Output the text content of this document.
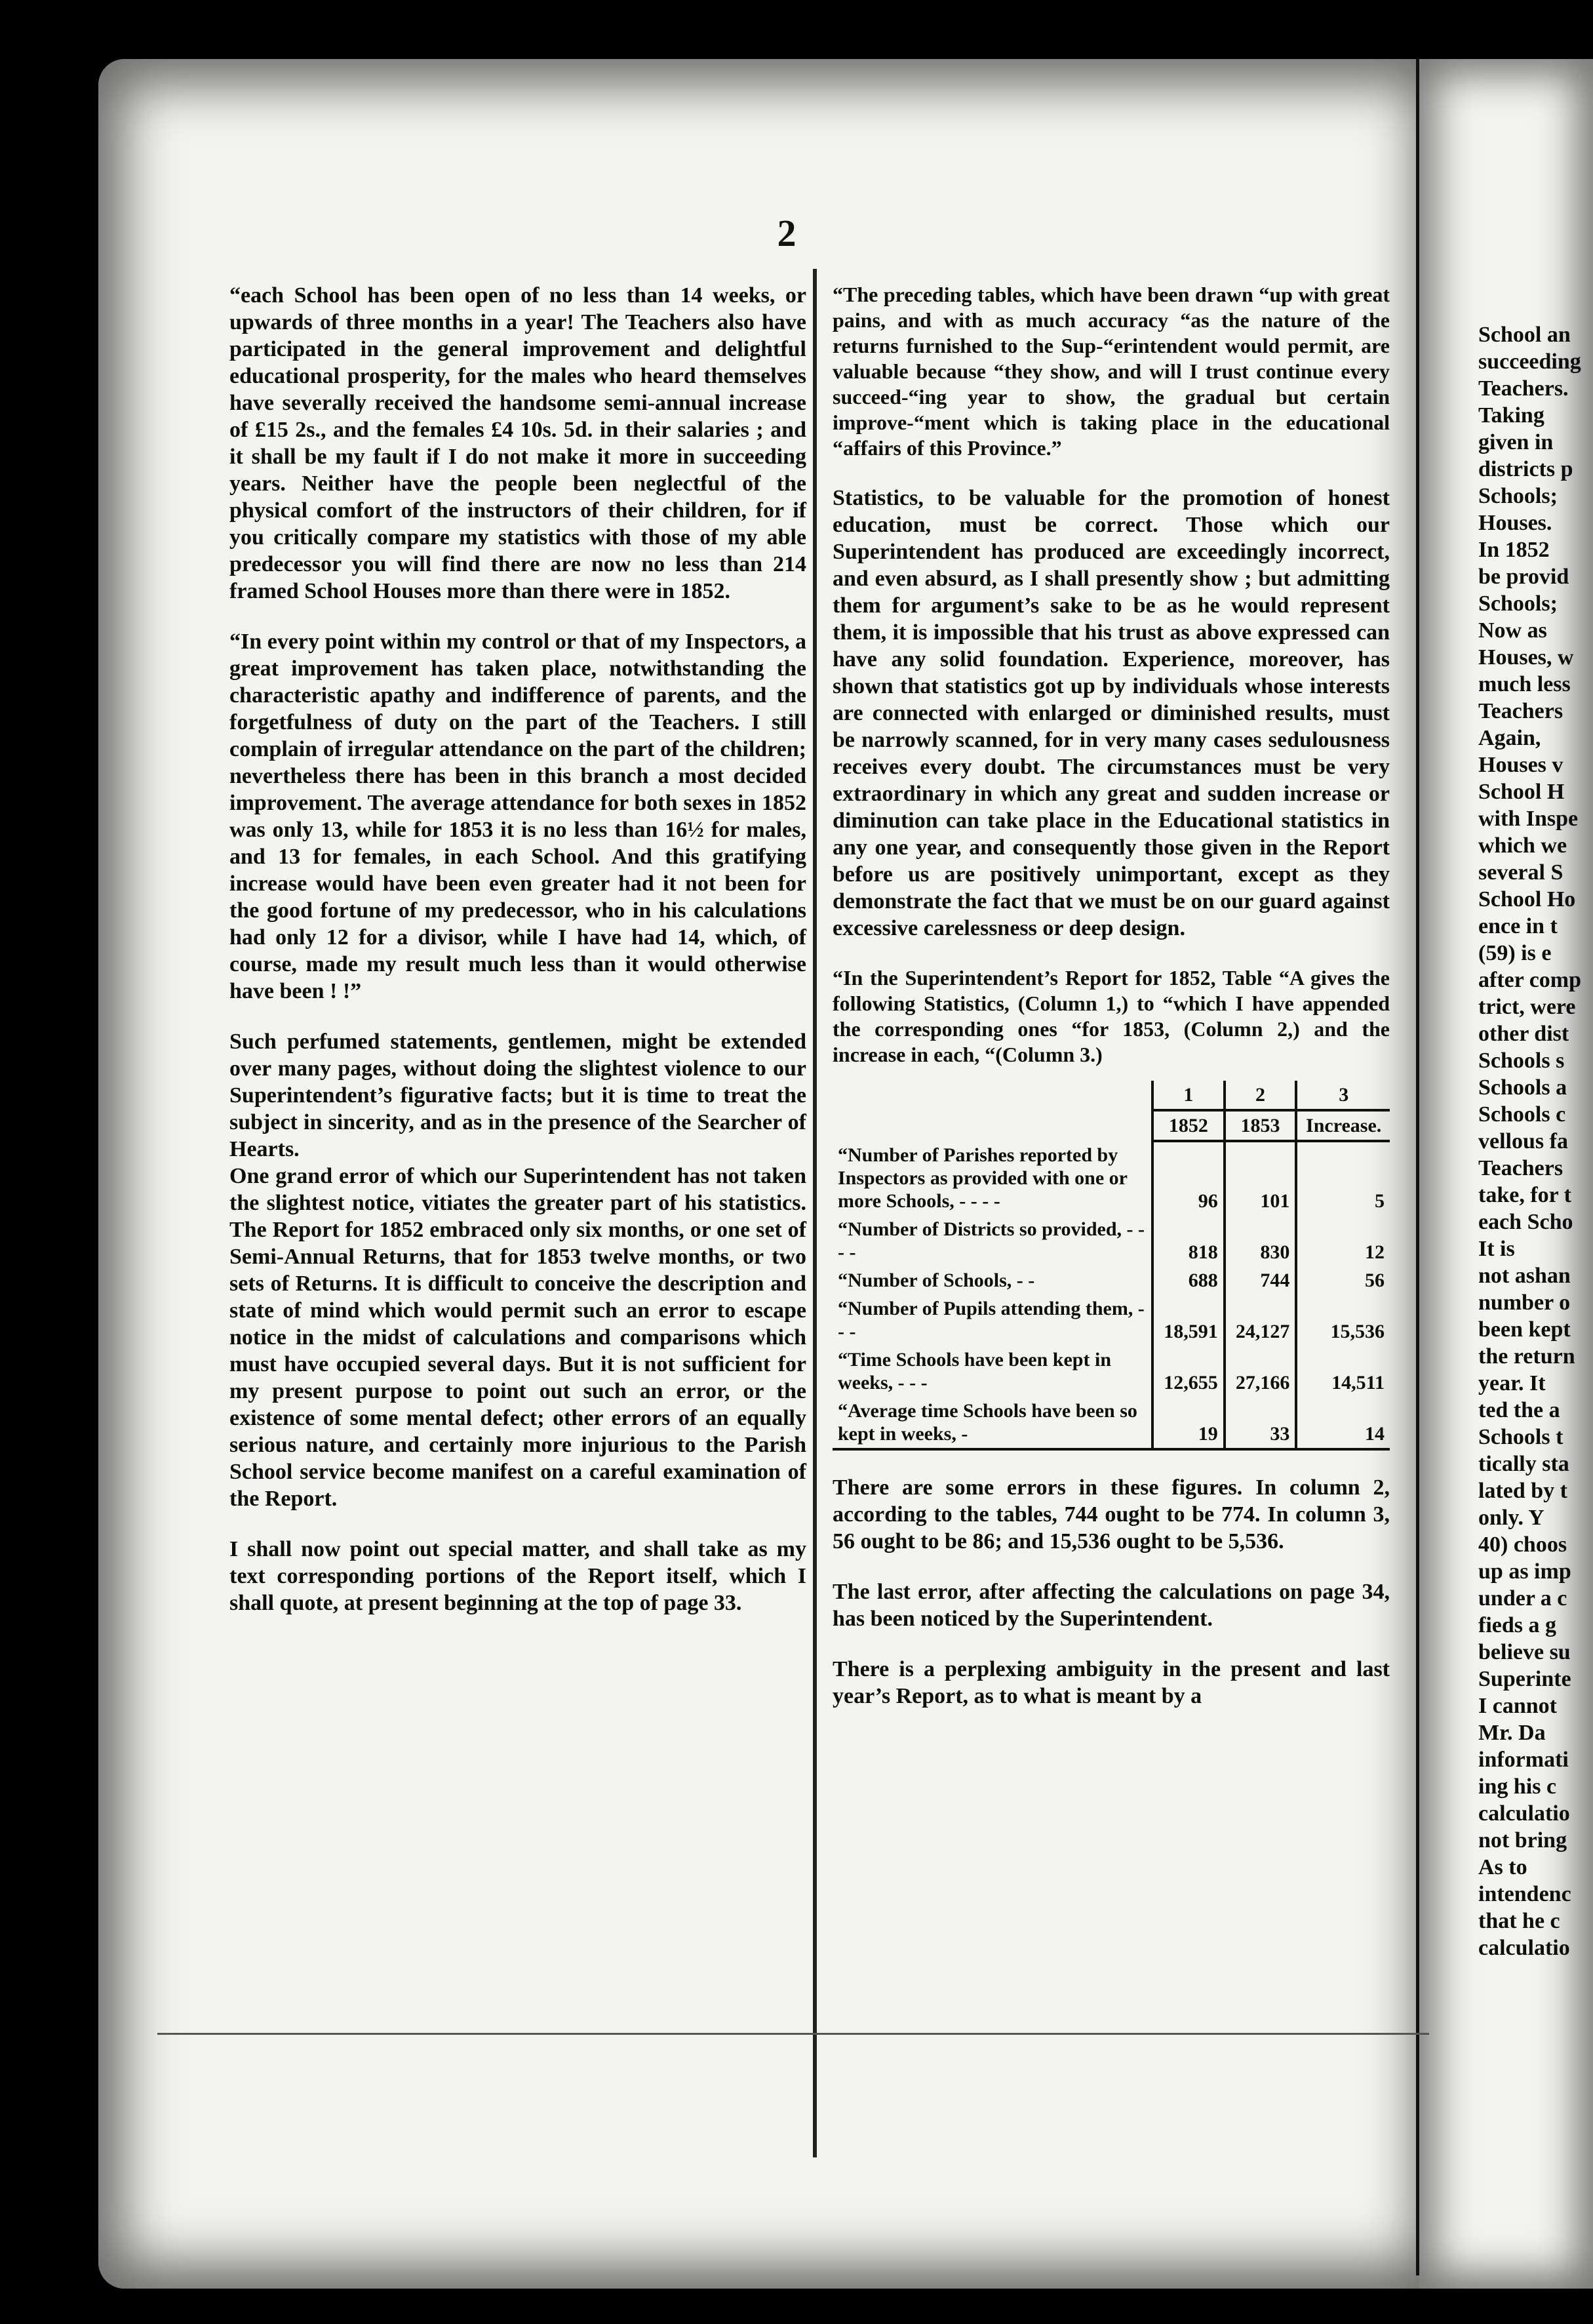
2

“each School has been open of no less than 14 weeks, or upwards of three months in a year! The Teachers also have participated in the general improvement and delightful educational prosperity, for the males who heard themselves have severally received the handsome semi-annual increase of £15 2s., and the females £4 10s. 5d. in their salaries ; and it shall be my fault if I do not make it more in succeeding years. Neither have the people been neglectful of the physical comfort of the instructors of their children, for if you critically compare my statistics with those of my able predecessor you will find there are now no less than 214 framed School Houses more than there were in 1852.

“In every point within my control or that of my Inspectors, a great improvement has taken place, notwithstanding the characteristic apathy and indifference of parents, and the forgetfulness of duty on the part of the Teachers. I still complain of irregular attendance on the part of the children; nevertheless there has been in this branch a most decided improvement. The average attendance for both sexes in 1852 was only 13, while for 1853 it is no less than 16½ for males, and 13 for females, in each School. And this gratifying increase would have been even greater had it not been for the good fortune of my predecessor, who in his calculations had only 12 for a divisor, while I have had 14, which, of course, made my result much less than it would otherwise have been ! !”

Such perfumed statements, gentlemen, might be extended over many pages, without doing the slightest violence to our Superintendent’s figurative facts; but it is time to treat the subject in sincerity, and as in the presence of the Searcher of Hearts.

One grand error of which our Superintendent has not taken the slightest notice, vitiates the greater part of his statistics. The Report for 1852 embraced only six months, or one set of Semi-Annual Returns, that for 1853 twelve months, or two sets of Returns. It is difficult to conceive the description and state of mind which would permit such an error to escape notice in the midst of calculations and comparisons which must have occupied several days. But it is not sufficient for my present purpose to point out such an error, or the existence of some mental defect; other errors of an equally serious nature, and certainly more injurious to the Parish School service become manifest on a careful examination of the Report.

I shall now point out special matter, and shall take as my text corresponding portions of the Report itself, which I shall quote, at present beginning at the top of page 33.

“The preceding tables, which have been drawn “up with great pains, and with as much accuracy “as the nature of the returns furnished to the Sup-“erintendent would permit, are valuable because “they show, and will I trust continue every succeed-“ing year to show, the gradual but certain improve-“ment which is taking place in the educational “affairs of this Province.”

Statistics, to be valuable for the promotion of honest education, must be correct. Those which our Superintendent has produced are exceedingly incorrect, and even absurd, as I shall presently show ; but admitting them for argument’s sake to be as he would represent them, it is impossible that his trust as above expressed can have any solid foundation. Experience, moreover, has shown that statistics got up by individuals whose interests are connected with enlarged or diminished results, must be narrowly scanned, for in very many cases sedulousness receives every doubt. The circumstances must be very extraordinary in which any great and sudden increase or diminution can take place in the Educational statistics in any one year, and consequently those given in the Report before us are positively unimportant, except as they demonstrate the fact that we must be on our guard against excessive carelessness or deep design.

“In the Superintendent’s Report for 1852, Table “A gives the following Statistics, (Column 1,) to “which I have appended the corresponding ones “for 1853, (Column 2,) and the increase in each, “(Column 3.)

	1	2	3
	1852	1853	Increase.
“Number of Parishes reported by Inspectors as provided with one or more Schools, - - - -	96	101	5
“Number of Districts so provided, - - - -	818	830	12
“Number of Schools, - -	688	744	56
“Number of Pupils attending them, - - -	18,591	24,127	15,536
“Time Schools have been kept in weeks, - - -	12,655	27,166	14,511
“Average time Schools have been so kept in weeks, -	19	33	14

There are some errors in these figures. In column 2, according to the tables, 744 ought to be 774. In column 3, 56 ought to be 86; and 15,536 ought to be 5,536.

The last error, after affecting the calculations on page 34, has been noticed by the Superintendent.

There is a perplexing ambiguity in the present and last year’s Report, as to what is meant by a

School an
succeeding
Teachers.
Taking
given in
districts p
Schools;
Houses.
In 1852
be provid
Schools;
Now as
Houses, w
much less
Teachers
Again,
Houses v
School H
with Inspe
which we
several S
School Ho
ence in t
(59) is e
after comp
trict, were
other dist
Schools s
Schools a
Schools c
vellous fa
Teachers
take, for t
each Scho
It is
not ashan
number o
been kept
the return
year. It
ted the a
Schools t
tically sta
lated by t
only. Y
40) choos
up as imp
under a c
fieds a g
believe su
Superinte
I cannot
Mr. Da
informati
ing his c
calculatio
not bring
As to
intendenc
that he c
calculatio
